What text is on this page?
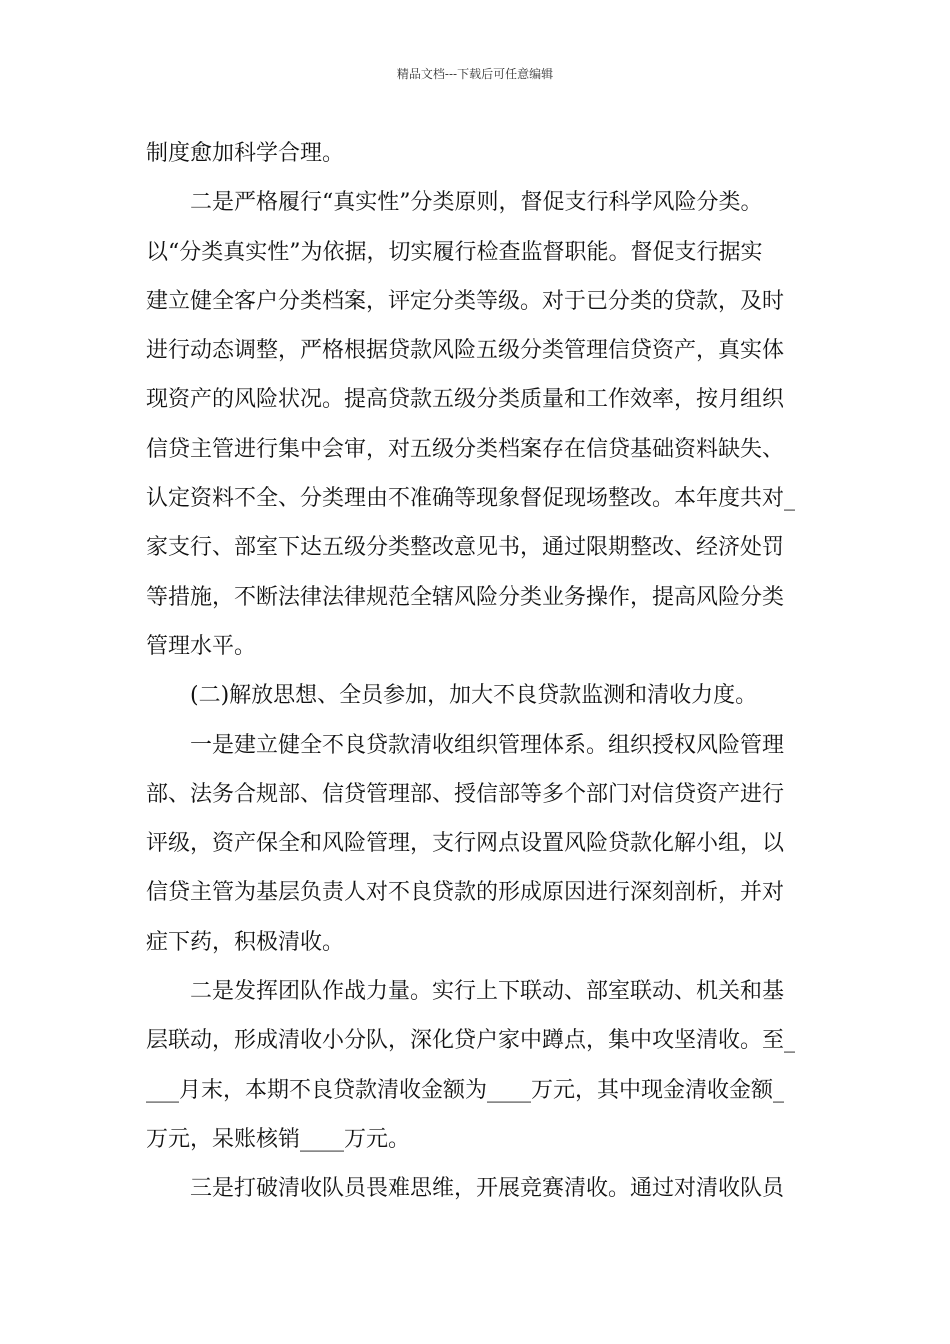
精品文档---下载后可任意编辑
制度愈加科学合理。
二是严格履行“真实性”分类原则，督促支行科学风险分类。
以“分类真实性”为依据，切实履行检查监督职能。督促支行据实
建立健全客户分类档案，评定分类等级。对于已分类的贷款，及时
进行动态调整，严格根据贷款风险五级分类管理信贷资产，真实体
现资产的风险状况。提高贷款五级分类质量和工作效率，按月组织
信贷主管进行集中会审，对五级分类档案存在信贷基础资料缺失、
认定资料不全、分类理由不准确等现象督促现场整改。本年度共对_
家支行、部室下达五级分类整改意见书，通过限期整改、经济处罚
等措施，不断法律法律规范全辖风险分类业务操作，提高风险分类
管理水平。
(二)解放思想、全员参加，加大不良贷款监测和清收力度。
一是建立健全不良贷款清收组织管理体系。组织授权风险管理
部、法务合规部、信贷管理部、授信部等多个部门对信贷资产进行
评级，资产保全和风险管理，支行网点设置风险贷款化解小组，以
信贷主管为基层负责人对不良贷款的形成原因进行深刻剖析，并对
症下药，积极清收。
二是发挥团队作战力量。实行上下联动、部室联动、机关和基
层联动，形成清收小分队，深化贷户家中蹲点，集中攻坚清收。至_
___月末，本期不良贷款清收金额为____万元，其中现金清收金额_
万元，呆账核销____万元。
三是打破清收队员畏难思维，开展竞赛清收。通过对清收队员
